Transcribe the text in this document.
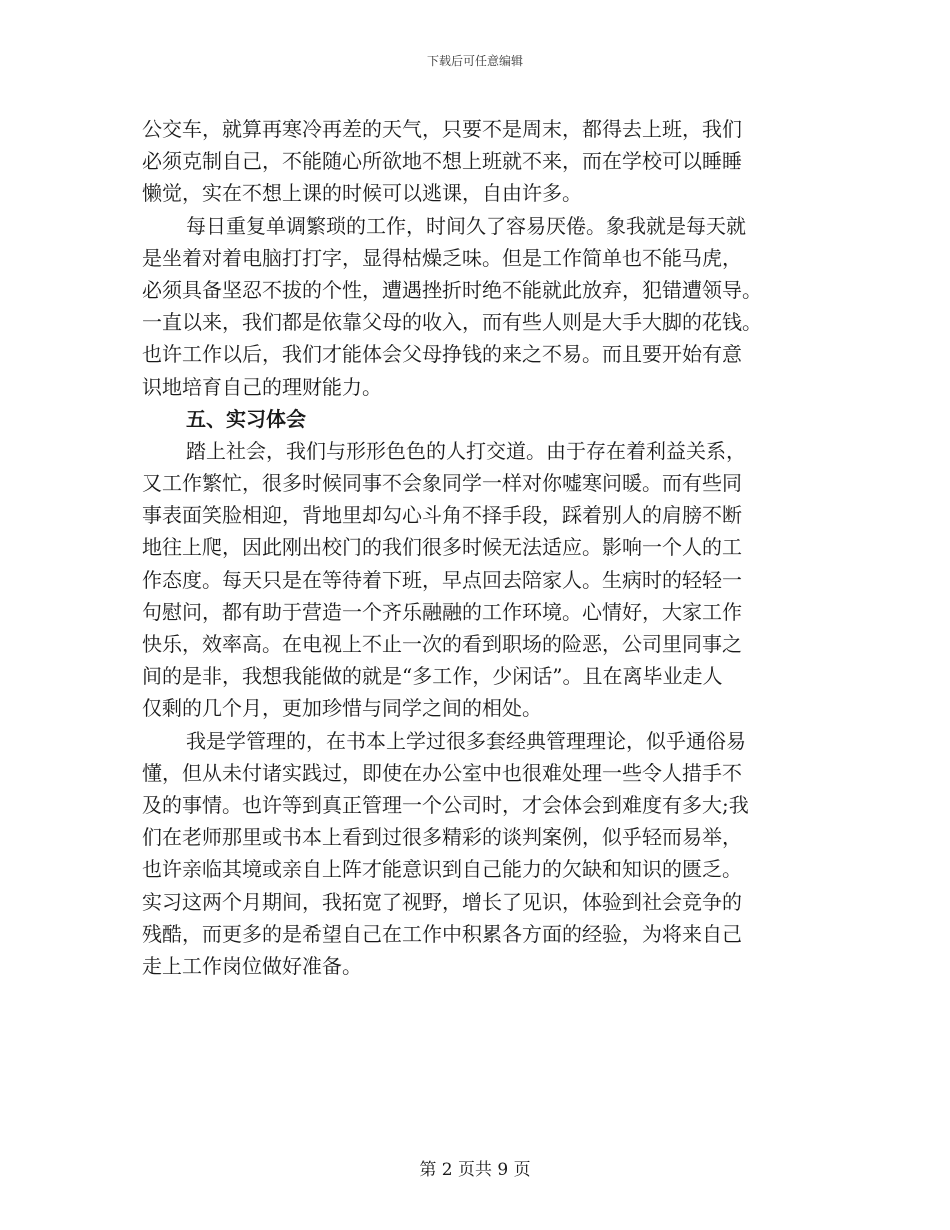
下载后可任意编辑
公交车，就算再寒冷再差的天气，只要不是周末，都得去上班，我们
必须克制自己，不能随心所欲地不想上班就不来，而在学校可以睡睡
懒觉，实在不想上课的时候可以逃课，自由许多。
每日重复单调繁琐的工作，时间久了容易厌倦。象我就是每天就
是坐着对着电脑打打字，显得枯燥乏味。但是工作简单也不能马虎，
必须具备坚忍不拔的个性，遭遇挫折时绝不能就此放弃，犯错遭领导。
一直以来，我们都是依靠父母的收入，而有些人则是大手大脚的花钱。
也许工作以后，我们才能体会父母挣钱的来之不易。而且要开始有意
识地培育自己的理财能力。
五、实习体会
踏上社会，我们与形形色色的人打交道。由于存在着利益关系，
又工作繁忙，很多时候同事不会象同学一样对你嘘寒问暖。而有些同
事表面笑脸相迎，背地里却勾心斗角不择手段，踩着别人的肩膀不断
地往上爬，因此刚出校门的我们很多时候无法适应。影响一个人的工
作态度。每天只是在等待着下班，早点回去陪家人。生病时的轻轻一
句慰问，都有助于营造一个齐乐融融的工作环境。心情好，大家工作
快乐，效率高。在电视上不止一次的看到职场的险恶，公司里同事之
间的是非，我想我能做的就是“多工作，少闲话”。且在离毕业走人
仅剩的几个月，更加珍惜与同学之间的相处。
我是学管理的，在书本上学过很多套经典管理理论，似乎通俗易
懂，但从未付诸实践过，即使在办公室中也很难处理一些令人措手不
及的事情。也许等到真正管理一个公司时，才会体会到难度有多大;我
们在老师那里或书本上看到过很多精彩的谈判案例，似乎轻而易举，
也许亲临其境或亲自上阵才能意识到自己能力的欠缺和知识的匮乏。
实习这两个月期间，我拓宽了视野，增长了见识，体验到社会竞争的
残酷，而更多的是希望自己在工作中积累各方面的经验，为将来自己
走上工作岗位做好准备。
第 2 页共 9 页
